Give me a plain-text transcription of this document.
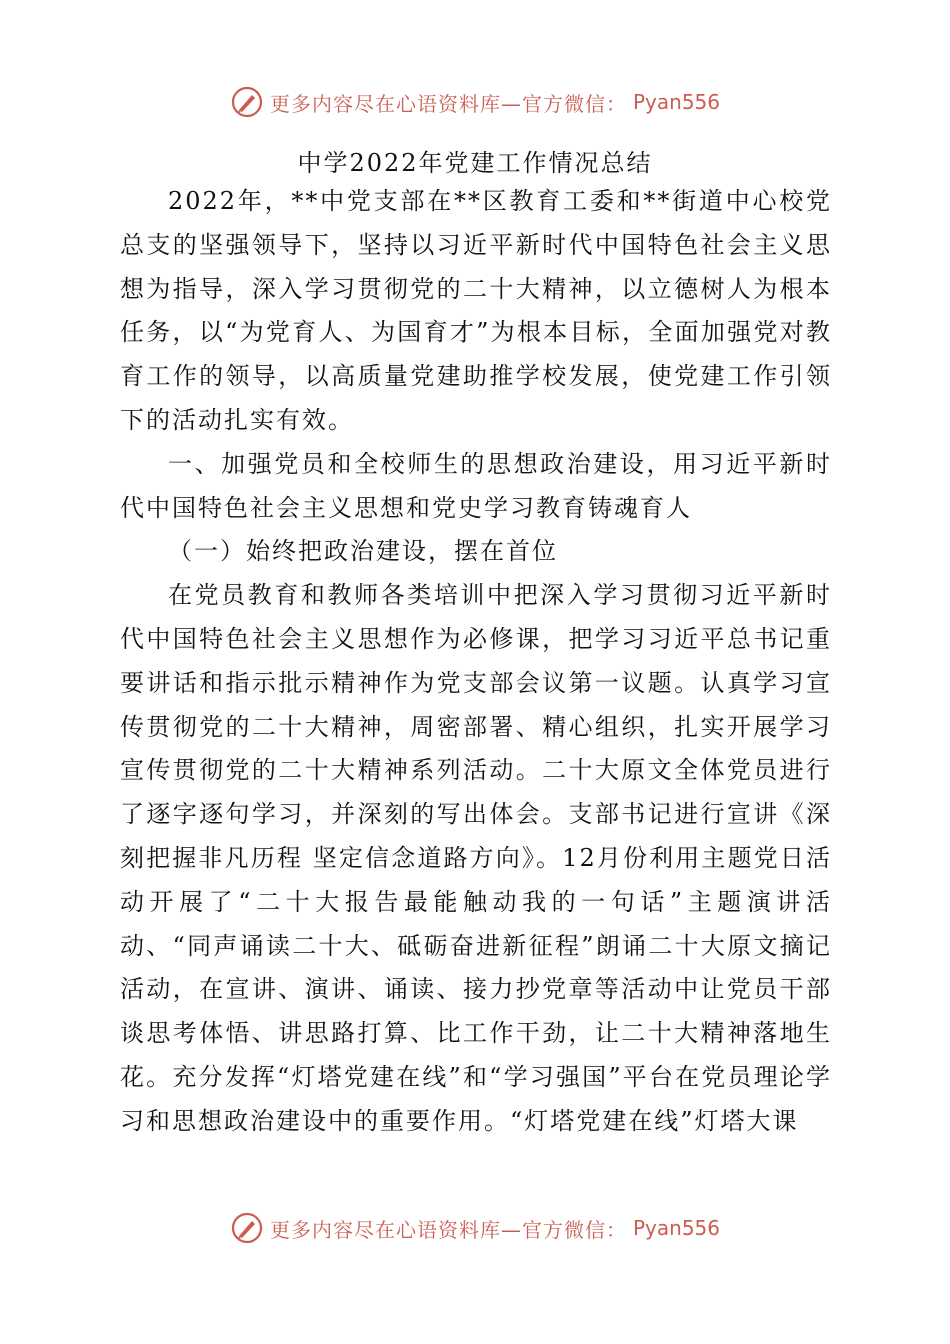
更多内容尽在心语资料库—官方微信： Pyan556
中学2022年党建工作情况总结

2022年，**中党支部在**区教育工委和**街道中心校党总支的坚强领导下，坚持以习近平新时代中国特色社会主义思想为指导，深入学习贯彻党的二十大精神，以立德树人为根本任务，以“为党育人、为国育才”为根本目标，全面加强党对教育工作的领导，以高质量党建助推学校发展，使党建工作引领下的活动扎实有效。

一、加强党员和全校师生的思想政治建设，用习近平新时代中国特色社会主义思想和党史学习教育铸魂育人

（一）始终把政治建设，摆在首位

在党员教育和教师各类培训中把深入学习贯彻习近平新时代中国特色社会主义思想作为必修课，把学习习近平总书记重要讲话和指示批示精神作为党支部会议第一议题。认真学习宣传贯彻党的二十大精神，周密部署、精心组织，扎实开展学习宣传贯彻党的二十大精神系列活动。二十大原文全体党员进行了逐字逐句学习，并深刻的写出体会。支部书记进行宣讲《深刻把握非凡历程 坚定信念道路方向》。12月份利用主题党日活动开展了“二十大报告最能触动我的一句话”主题演讲活动、“同声诵读二十大、砥砺奋进新征程”朗诵二十大原文摘记活动，在宣讲、演讲、诵读、接力抄党章等活动中让党员干部谈思考体悟、讲思路打算、比工作干劲，让二十大精神落地生花。充分发挥“灯塔党建在线”和“学习强国”平台在党员理论学习和思想政治建设中的重要作用。“灯塔党建在线”灯塔大课

更多内容尽在心语资料库—官方微信： Pyan556
